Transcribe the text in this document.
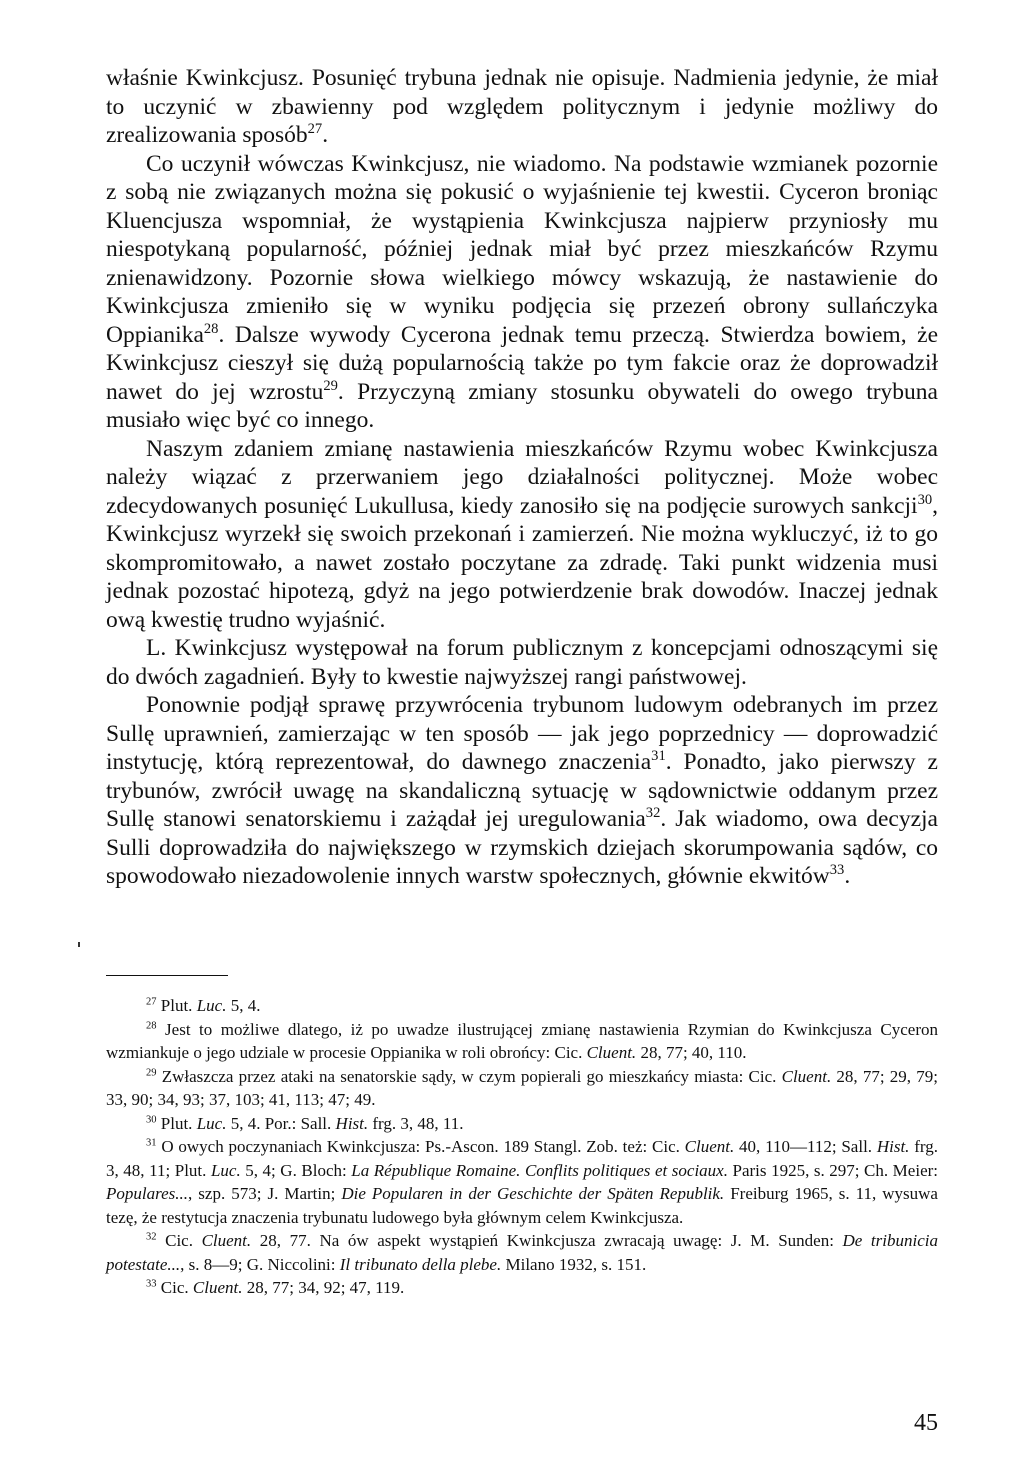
właśnie Kwinkcjusz. Posunięć trybuna jednak nie opisuje. Nadmienia jedynie, że miał to uczynić w zbawienny pod względem politycznym i jedynie możliwy do zrealizowania sposób$^{27}$.

Co uczynił wówczas Kwinkcjusz, nie wiadomo. Na podstawie wzmianek pozornie z sobą nie związanych można się pokusić o wyjaśnienie tej kwestii. Cyceron broniąc Kluencjusza wspomniał, że wystąpienia Kwinkcjusza najpierw przyniosły mu niespotykaną popularność, później jednak miał być przez mieszkańców Rzymu znienawidzony. Pozornie słowa wielkiego mówcy wskazują, że nastawienie do Kwinkcjusza zmieniło się w wyniku podjęcia się przezeń obrony sullańczyka Oppianika$^{28}$. Dalsze wywody Cycerona jednak temu przeczą. Stwierdza bowiem, że Kwinkcjusz cieszył się dużą popularnością także po tym fakcie oraz że doprowadził nawet do jej wzrostu$^{29}$. Przyczyną zmiany stosunku obywateli do owego trybuna musiało więc być co innego.

Naszym zdaniem zmianę nastawienia mieszkańców Rzymu wobec Kwinkcjusza należy wiązać z przerwaniem jego działalności politycznej. Może wobec zdecydowanych posunięć Lukullusa, kiedy zanosiło się na podjęcie surowych sankcji$^{30}$, Kwinkcjusz wyrzekł się swoich przekonań i zamierzeń. Nie można wykluczyć, iż to go skompromitowało, a nawet zostało poczytane za zdradę. Taki punkt widzenia musi jednak pozostać hipotezą, gdyż na jego potwierdzenie brak dowodów. Inaczej jednak ową kwestię trudno wyjaśnić.

L. Kwinkcjusz występował na forum publicznym z koncepcjami odnoszącymi się do dwóch zagadnień. Były to kwestie najwyższej rangi państwowej.

Ponownie podjął sprawę przywrócenia trybunom ludowym odebranych im przez Sullę uprawnień, zamierzając w ten sposób — jak jego poprzednicy — doprowadzić instytucję, którą reprezentował, do dawnego znaczenia$^{31}$. Ponadto, jako pierwszy z trybunów, zwrócił uwagę na skandaliczną sytuację w sądownictwie oddanym przez Sullę stanowi senatorskiemu i zażądał jej uregulowania$^{32}$. Jak wiadomo, owa decyzja Sulli doprowadziła do największego w rzymskich dziejach skorumpowania sądów, co spowodowało niezadowolenie innych warstw społecznych, głównie ekwitów$^{33}$.

$^{27}$ Plut. Luc. 5, 4.

$^{28}$ Jest to możliwe dlatego, iż po uwadze ilustrującej zmianę nastawienia Rzymian do Kwinkcjusza Cyceron wzmiankuje o jego udziale w procesie Oppianika w roli obrońcy: Cic. Cluent. 28, 77; 40, 110.

$^{29}$ Zwłaszcza przez ataki na senatorskie sądy, w czym popierali go mieszkańcy miasta: Cic. Cluent. 28, 77; 29, 79; 33, 90; 34, 93; 37, 103; 41, 113; 47; 49.

$^{30}$ Plut. Luc. 5, 4. Por.: Sall. Hist. frg. 3, 48, 11.

$^{31}$ O owych poczynaniach Kwinkcjusza: Ps.-Ascon. 189 Stangl. Zob. też: Cic. Cluent. 40, 110—112; Sall. Hist. frg. 3, 48, 11; Plut. Luc. 5, 4; G. Bloch: La République Romaine. Conflits politiques et sociaux. Paris 1925, s. 297; Ch. Meier: Populares..., szp. 573; J. Martin; Die Popularen in der Geschichte der Späten Republik. Freiburg 1965, s. 11, wysuwa tezę, że restytucja znaczenia trybunatu ludowego była głównym celem Kwinkcjusza.

$^{32}$ Cic. Cluent. 28, 77. Na ów aspekt wystąpień Kwinkcjusza zwracają uwagę: J. M. Sunden: De tribunicia potestate..., s. 8—9; G. Niccolini: Il tribunato della plebe. Milano 1932, s. 151.

$^{33}$ Cic. Cluent. 28, 77; 34, 92; 47, 119.

45
